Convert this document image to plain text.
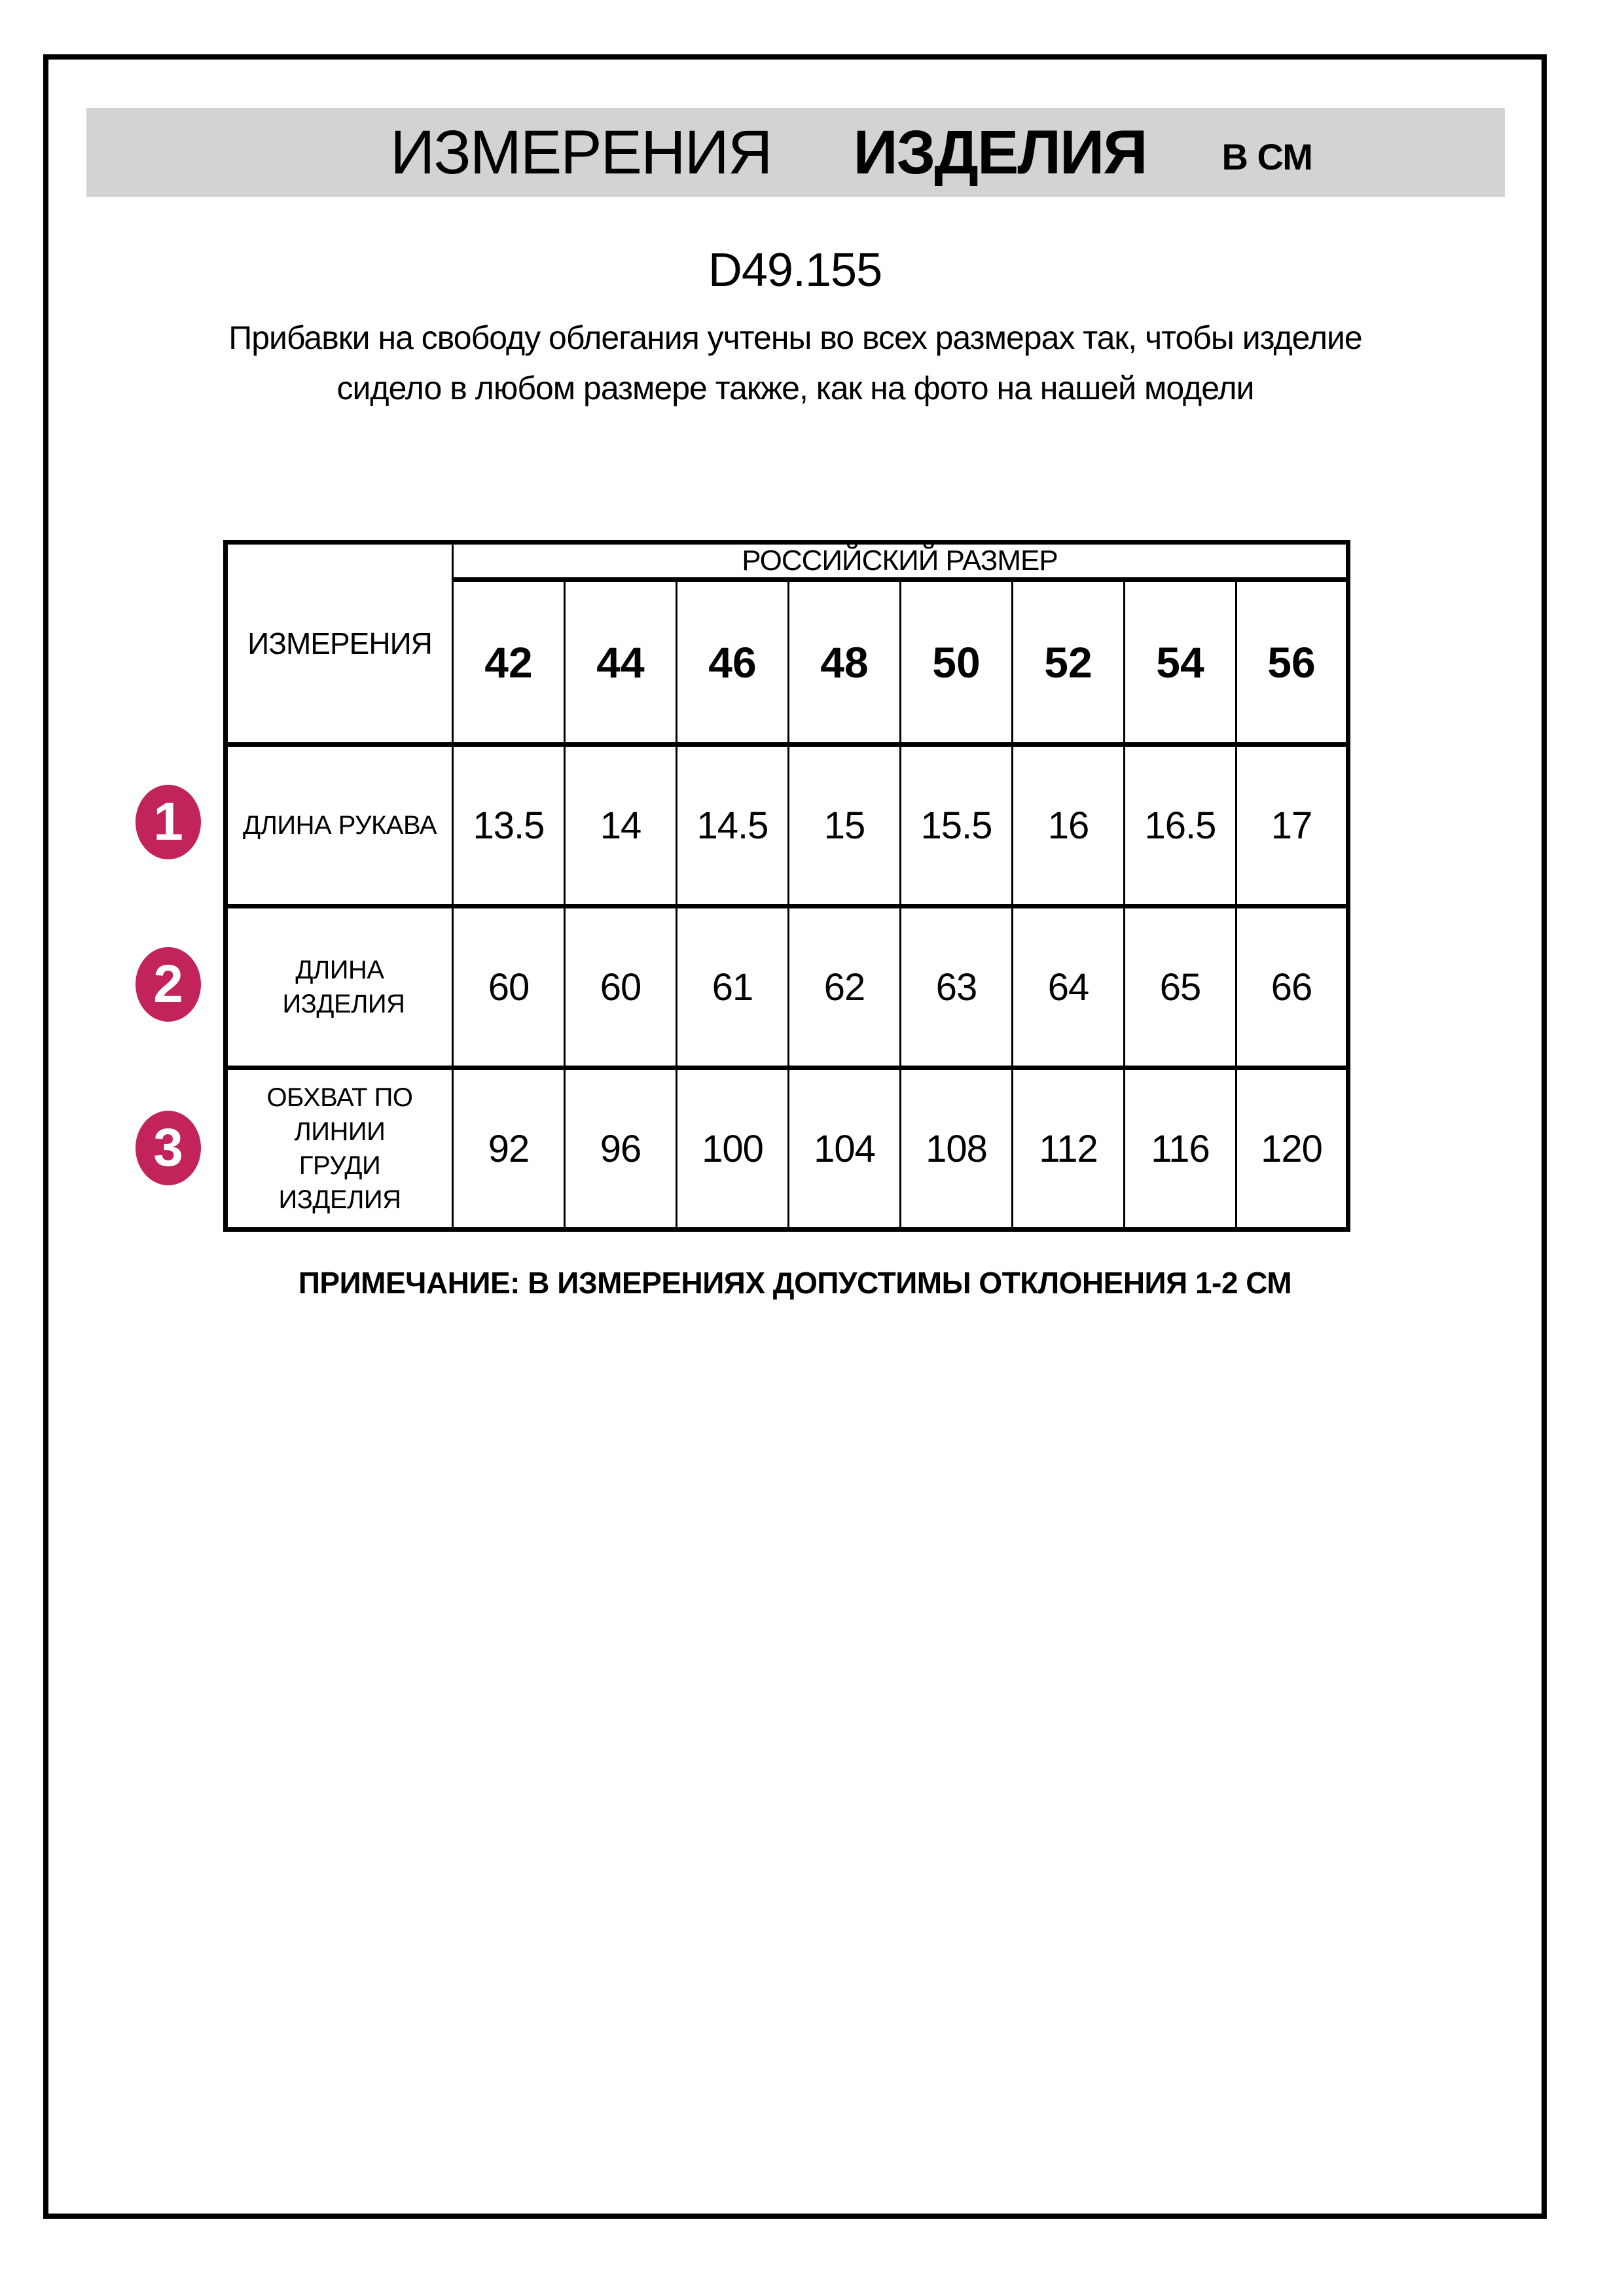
ИЗМЕРЕНИЯ ИЗДЕЛИЯ В СМ
D49.155
Прибавки на свободу облегания учтены во всех размерах так, чтобы изделие сидело в любом размере также, как на фото на нашей модели
ИЗМЕРЕНИЯ	РОССИЙСКИЙ РАЗМЕР							
	42	44	46	48	50	52	54	56
ДЛИНА РУКАВА	13.5	14	14.5	15	15.5	16	16.5	17
ДЛИНА ИЗДЕЛИЯ	60	60	61	62	63	64	65	66
ОБХВАТ ПО ЛИНИИ ГРУДИ ИЗДЕЛИЯ	92	96	100	104	108	112	116	120
1
2
3
ПРИМЕЧАНИЕ: В ИЗМЕРЕНИЯХ ДОПУСТИМЫ ОТКЛОНЕНИЯ 1-2 СМ
